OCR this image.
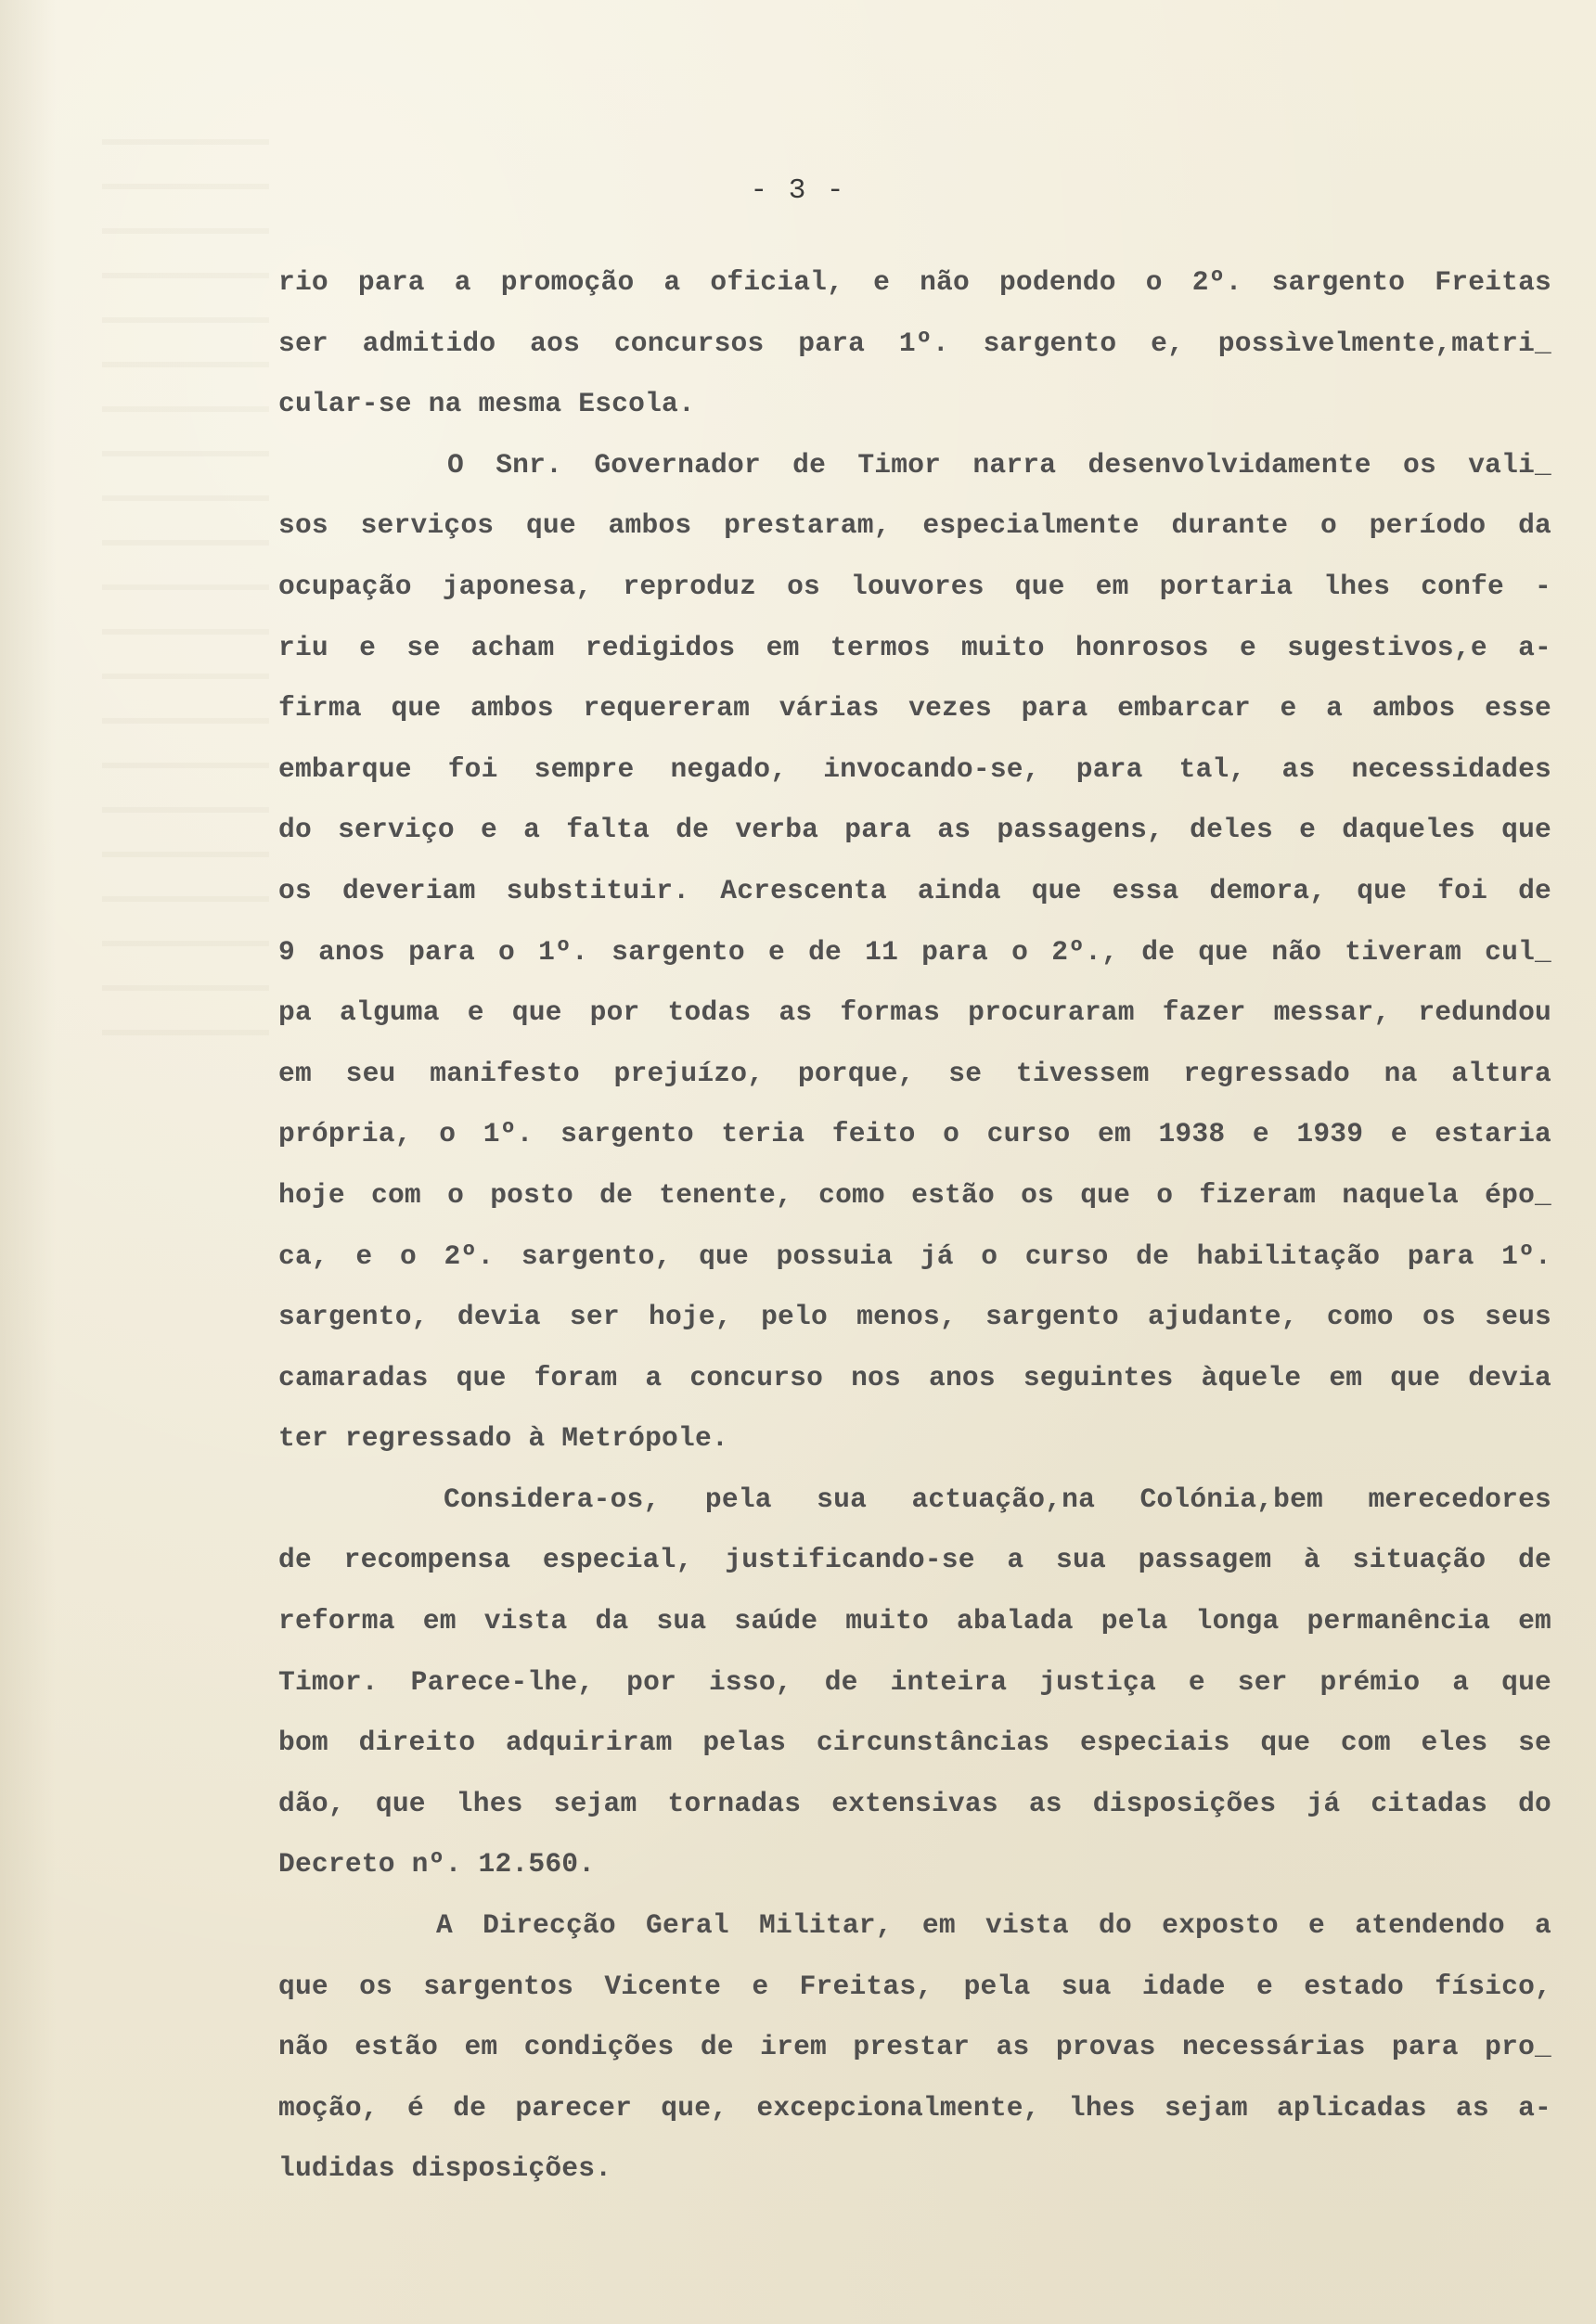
- 3 -
rio para a promoção a oficial, e não podendo o 2º. sargento Freitas
ser admitido aos concursos para 1º. sargento e, possìvelmente,matri_
cular-se na mesma Escola.
O Snr. Governador de Timor narra desenvolvidamente os vali_
sos serviços que ambos prestaram, especialmente durante o período da
ocupação japonesa, reproduz os louvores que em portaria lhes confe -
riu e se acham redigidos em termos muito honrosos e sugestivos,e a-
firma que ambos requereram várias vezes para embarcar e a ambos esse
embarque foi sempre negado, invocando-se, para tal, as necessidades
do serviço e a falta de verba para as passagens, deles e daqueles que
os deveriam substituir. Acrescenta ainda que essa demora, que foi de
9 anos para o 1º. sargento e de 11 para o 2º., de que não tiveram cul_
pa alguma e que por todas as formas procuraram fazer messar, redundou
em seu manifesto prejuízo, porque, se tivessem regressado na altura
própria, o 1º. sargento teria feito o curso em 1938 e 1939 e estaria
hoje com o posto de tenente, como estão os que o fizeram naquela épo_
ca, e o 2º. sargento, que possuia já o curso de habilitação para 1º.
sargento, devia ser hoje, pelo menos, sargento ajudante, como os seus
camaradas que foram a concurso nos anos seguintes àquele em que devia
ter regressado à Metrópole.
Considera-os, pela sua actuação,na Colónia,bem merecedores
de recompensa especial, justificando-se a sua passagem à situação de
reforma em vista da sua saúde muito abalada pela longa permanência em
Timor. Parece-lhe, por isso, de inteira justiça e ser prémio a que
bom direito adquiriram pelas circunstâncias especiais que com eles se
dão, que lhes sejam tornadas extensivas as disposições já citadas do
Decreto nº. 12.560.
A Direcção Geral Militar, em vista do exposto e atendendo a
que os sargentos Vicente e Freitas, pela sua idade e estado físico,
não estão em condições de irem prestar as provas necessárias para pro_
moção, é de parecer que, excepcionalmente, lhes sejam aplicadas as a-
ludidas disposições.
